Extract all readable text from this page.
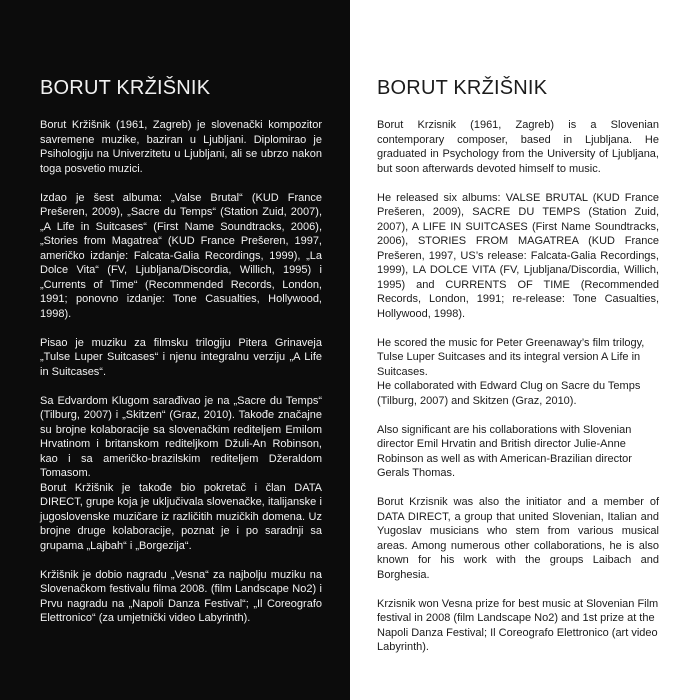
BORUT KRŽIŠNIK

Borut Kržišnik (1961, Zagreb) je slovenački kompozitor savremene muzike, baziran u Ljubljani. Diplomirao je Psihologiju na Univerzitetu u Ljubljani, ali se ubrzo nakon toga posvetio muzici.

Izdao je šest albuma: „Valse Brutal“ (KUD France Prešeren, 2009), „Sacre du Temps“ (Station Zuid, 2007), „A Life in Suitcases“ (First Name Soundtracks, 2006), „Stories from Magatrea“ (KUD France Prešeren, 1997, američko izdanje: Falcata-Galia Recordings, 1999), „La Dolce Vita“ (FV, Ljubljana/Discordia, Willich, 1995) i „Currents of Time“ (Recommended Records, London, 1991; ponovno izdanje: Tone Casualties, Hollywood, 1998).

Pisao je muziku za filmsku trilogiju Pitera Grinaveja „Tulse Luper Suitcases“ i njenu integralnu verziju „A Life in Suitcases“.

Sa Edvardom Klugom sarađivao je na „Sacre du Temps“ (Tilburg, 2007) i „Skitzen“ (Graz, 2010). Takođe značajne su brojne kolaboracije sa slovenačkim rediteljem Emilom Hrvatinom i britanskom rediteljkom Džuli-An Robinson, kao i sa američko-brazilskim rediteljem Džeraldom Tomasom.
Borut Kržišnik je takođe bio pokretač i član DATA DIRECT, grupe koja je uključivala slovenačke, italijanske i jugoslovenske muzičare iz različitih muzičkih domena. Uz brojne druge kolaboracije, poznat je i po saradnji sa grupama „Lajbah“ i „Borgezija“.

Kržišnik je dobio nagradu „Vesna“ za najbolju muziku na Slovenačkom festivalu filma 2008. (film Landscape No2) i Prvu nagradu na „Napoli Danza Festival“; „Il Coreografo Elettronico“ (za umjetnički video Labyrinth).

BORUT KRŽIŠNIK

Borut Krzisnik (1961, Zagreb) is a Slovenian contemporary composer, based in Ljubljana. He graduated in Psychology from the University of Ljubljana, but soon afterwards devoted himself to music.

He released six albums: VALSE BRUTAL (KUD France Prešeren, 2009), SACRE DU TEMPS (Station Zuid, 2007), A LIFE IN SUITCASES (First Name Soundtracks, 2006), STORIES FROM MAGATREA (KUD France Prešeren, 1997, US’s release: Falcata-Galia Recordings, 1999), LA DOLCE VITA (FV, Ljubljana/Discordia, Willich, 1995) and CURRENTS OF TIME (Recommended Records, London, 1991; re-release: Tone Casualties, Hollywood, 1998).

He scored the music for Peter Greenaway’s film trilogy, Tulse Luper Suitcases and its integral version A Life in Suitcases.
He collaborated with Edward Clug on Sacre du Temps (Tilburg, 2007) and Skitzen (Graz, 2010).

Also significant are his collaborations with Slovenian director Emil Hrvatin and British director Julie-Anne Robinson as well as with American-Brazilian director Gerals Thomas.

Borut Krzisnik was also the initiator and a member of DATA DIRECT, a group that united Slovenian, Italian and Yugoslav musicians who stem from various musical areas. Among numerous other collaborations, he is also known for his work with the groups Laibach and Borghesia.

Krzisnik won Vesna prize for best music at Slovenian Film festival in 2008 (film Landscape No2) and 1st prize at the Napoli Danza Festival; Il Coreografo Elettronico (art video Labyrinth).
